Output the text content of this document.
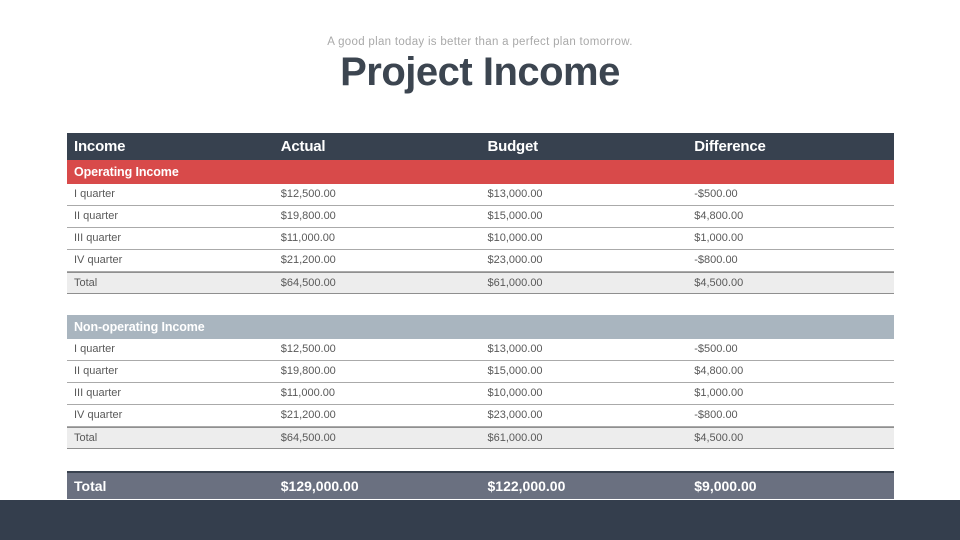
A good plan today is better than a perfect plan tomorrow.
Project Income
Income	Actual	Budget	Difference
Operating Income
I quarter	$12,500.00	$13,000.00	-$500.00
II quarter	$19,800.00	$15,000.00	$4,800.00
III quarter	$11,000.00	$10,000.00	$1,000.00
IV quarter	$21,200.00	$23,000.00	-$800.00
Total	$64,500.00	$61,000.00	$4,500.00
Non-operating Income
I quarter	$12,500.00	$13,000.00	-$500.00
II quarter	$19,800.00	$15,000.00	$4,800.00
III quarter	$11,000.00	$10,000.00	$1,000.00
IV quarter	$21,200.00	$23,000.00	-$800.00
Total	$64,500.00	$61,000.00	$4,500.00
Total	$129,000.00	$122,000.00	$9,000.00
